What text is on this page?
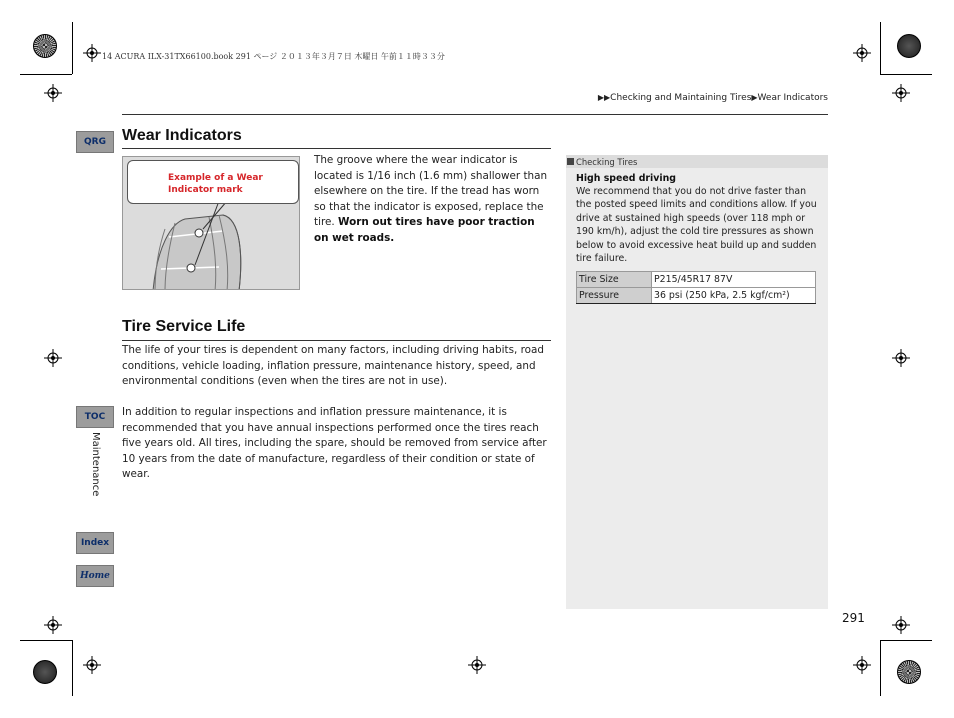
14 ACURA ILX-31TX66100.book 291 ページ ２０１３年３月７日 木曜日 午前１１時３３分
▶▶Checking and Maintaining Tires▶Wear Indicators
QRG
TOC
Maintenance
Index
Home
Wear Indicators
Example of a Wear Indicator mark
The groove where the wear indicator is located is 1/16 inch (1.6 mm) shallower than elsewhere on the tire. If the tread has worn so that the indicator is exposed, replace the tire. Worn out tires have poor traction on wet roads.
Tire Service Life
The life of your tires is dependent on many factors, including driving habits, road conditions, vehicle loading, inflation pressure, maintenance history, speed, and environmental conditions (even when the tires are not in use).
In addition to regular inspections and inflation pressure maintenance, it is recommended that you have annual inspections performed once the tires reach five years old. All tires, including the spare, should be removed from service after 10 years from the date of manufacture, regardless of their condition or state of wear.
Checking Tires
High speed driving
We recommend that you do not drive faster than the posted speed limits and conditions allow. If you drive at sustained high speeds (over 118 mph or 190 km/h), adjust the cold tire pressures as shown below to avoid excessive heat build up and sudden tire failure.
Tire Size	P215/45R17 87V
Pressure	36 psi (250 kPa, 2.5 kgf/cm²)
291
